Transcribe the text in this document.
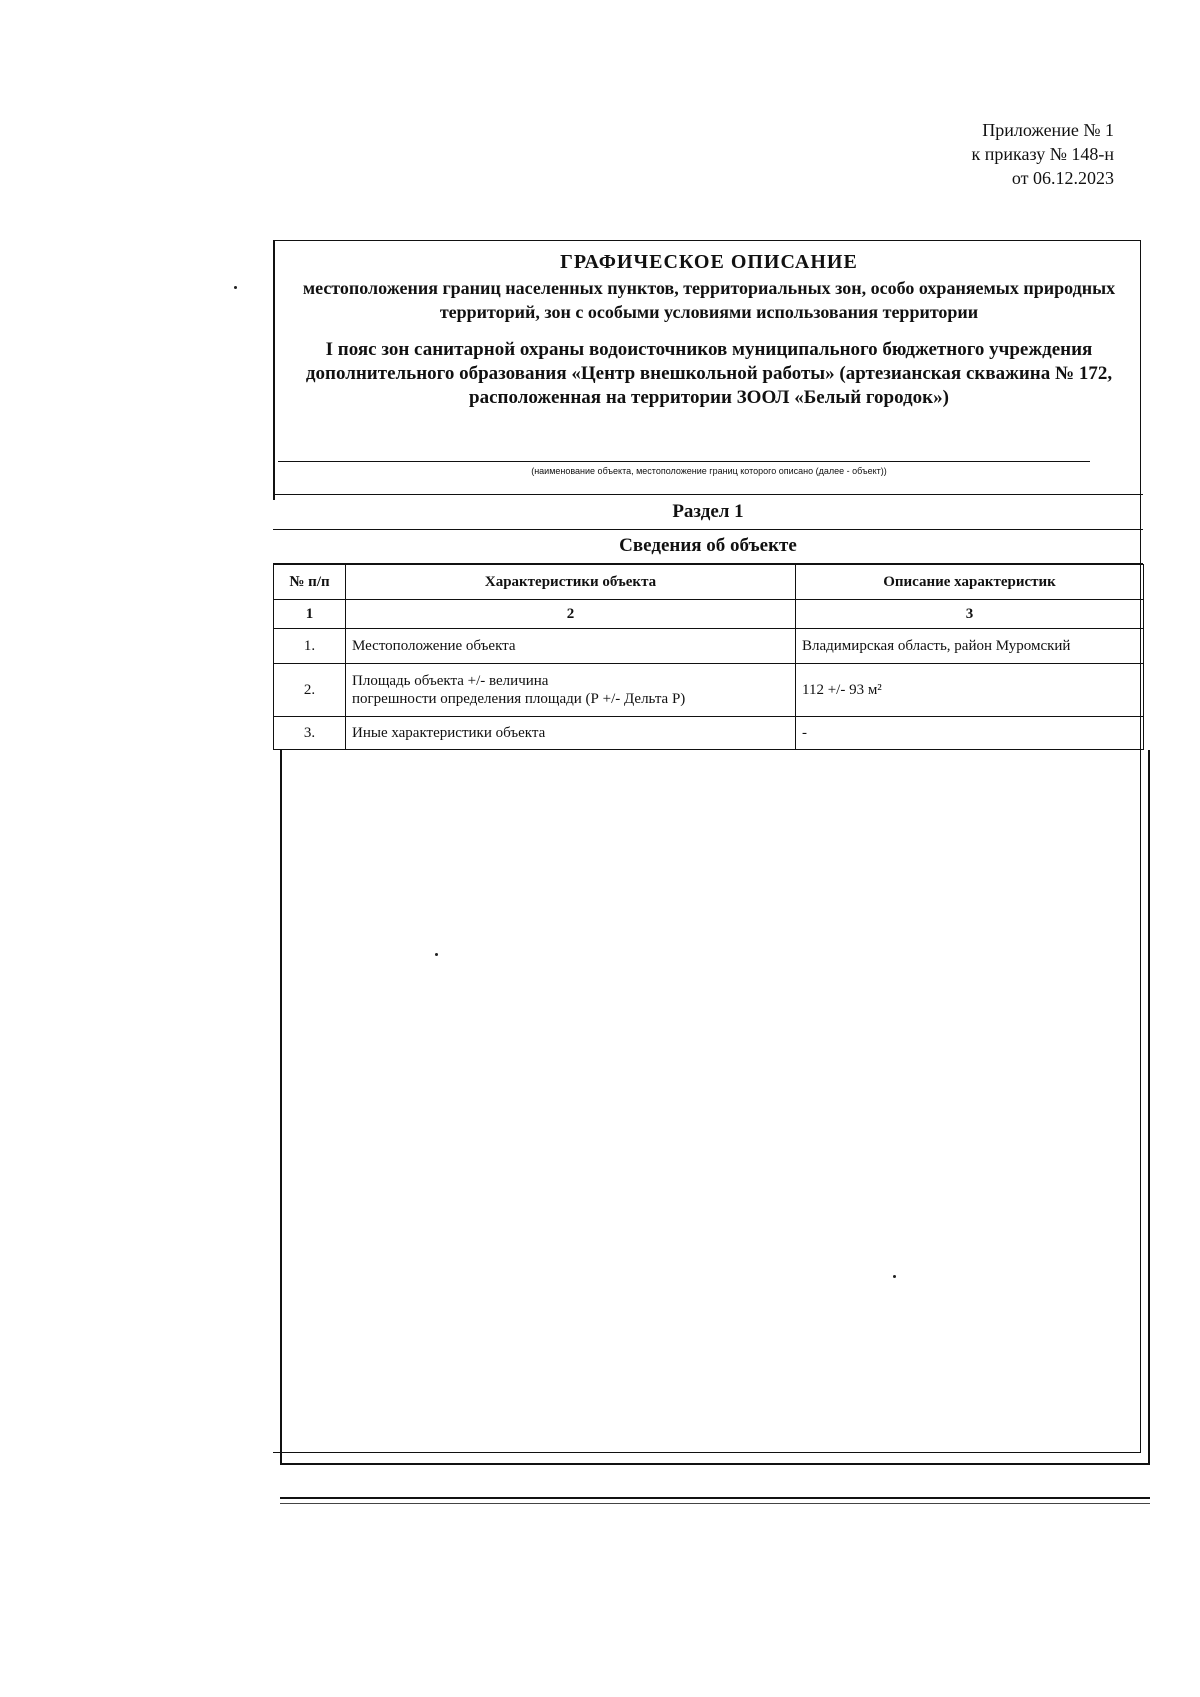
Приложение № 1
к приказу № 148-н
от 06.12.2023
ГРАФИЧЕСКОЕ ОПИСАНИЕ
местоположения границ населенных пунктов, территориальных зон, особо охраняемых природных территорий, зон с особыми условиями использования территории
I пояс зон санитарной охраны водоисточников муниципального бюджетного учреждения дополнительного образования «Центр внешкольной работы» (артезианская скважина № 172, расположенная на территории ЗООЛ «Белый городок»)
(наименование объекта, местоположение границ которого описано (далее - объект))
Раздел 1
Сведения об объекте
№ п/п	Характеристики объекта	Описание характеристик
1	2	3
1.	Местоположение объекта	Владимирская область, район Муромский
2.	Площадь объекта +/- величина
погрешности определения площади (Р +/- Дельта Р)	112 +/- 93 м²
3.	Иные характеристики объекта	-
